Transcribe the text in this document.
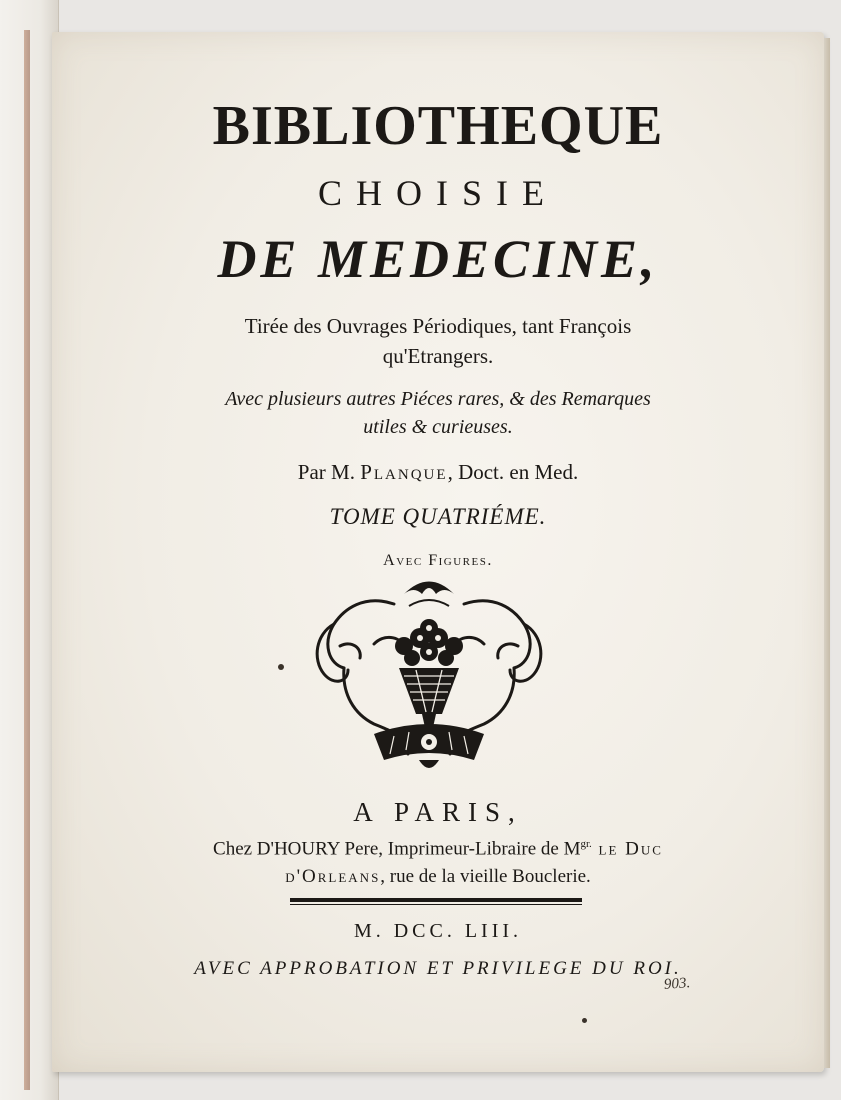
BIBLIOTHEQUE
CHOISIE
DE MEDECINE,
Tirée des Ouvrages Périodiques, tant François
qu'Etrangers.
Avec plusieurs autres Piéces rares, & des Remarques
utiles & curieuses.
Par M. Planque, Doct. en Med.
TOME QUATRIÉME.
Avec Figures.
A PARIS,
Chez D'HOURY Pere, Imprimeur-Libraire de $M^{gr.}$ le Duc
d'Orleans, rue de la vieille Bouclerie.
M. DCC. LIII.
AVEC APPROBATION ET PRIVILEGE DU ROI.
903.
